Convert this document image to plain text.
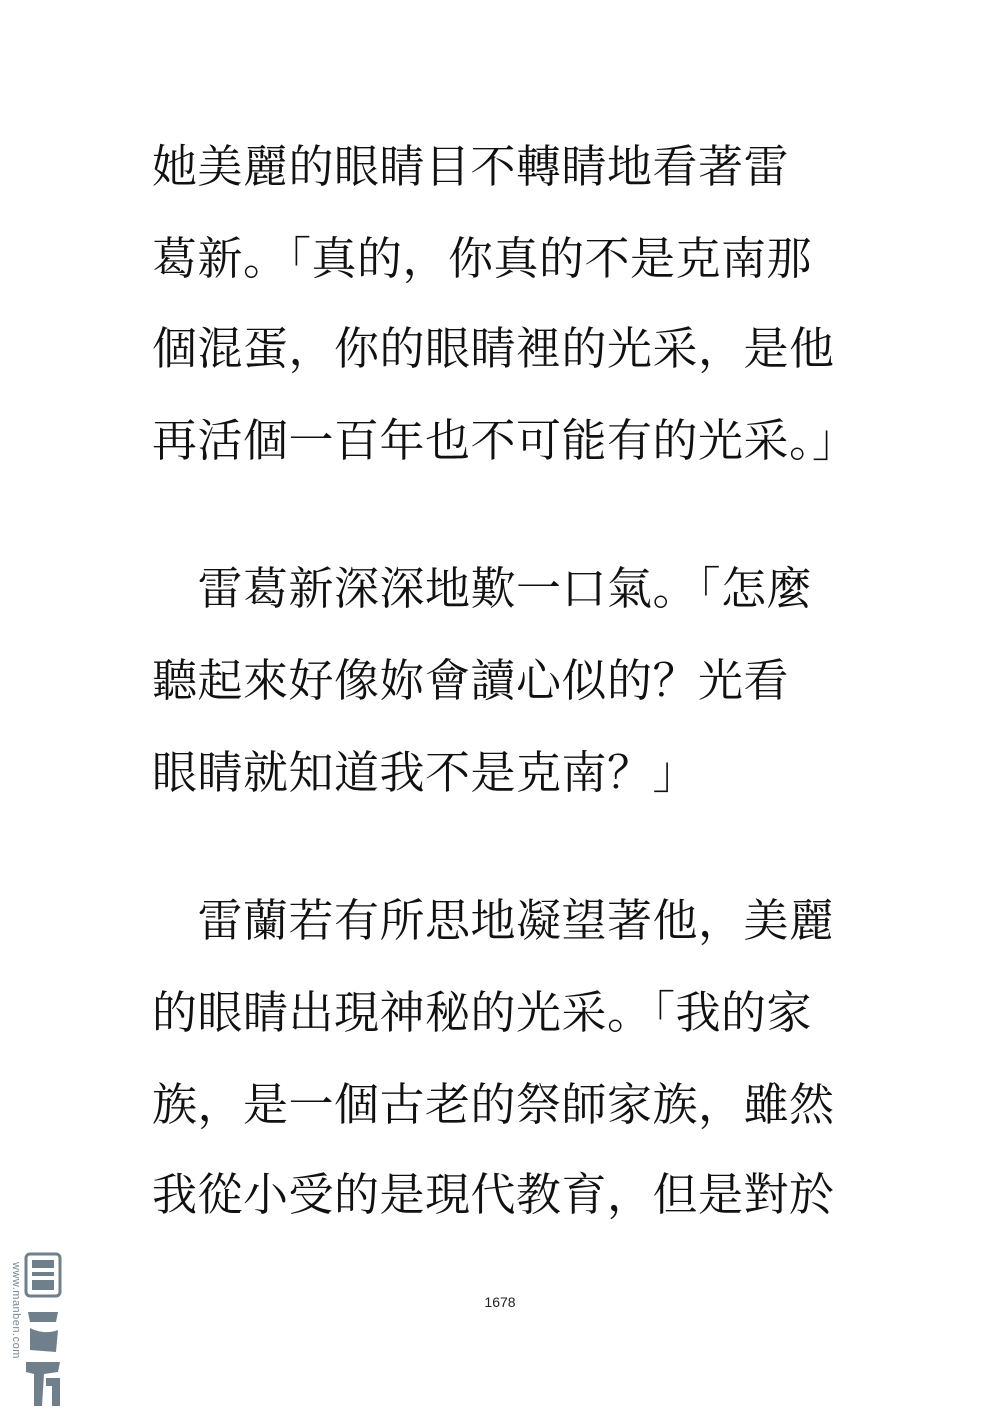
她美麗的眼睛目不轉睛地看著雷
葛新。「真的，你真的不是克南那
個混蛋，你的眼睛裡的光采，是他
再活個一百年也不可能有的光采。」
　雷葛新深深地歎一口氣。「怎麼
聽起來好像妳會讀心似的？光看
眼睛就知道我不是克南？」
　雷蘭若有所思地凝望著他，美麗
的眼睛出現神秘的光采。「我的家
族，是一個古老的祭師家族，雖然
我從小受的是現代教育，但是對於
1678
www.manben.com
